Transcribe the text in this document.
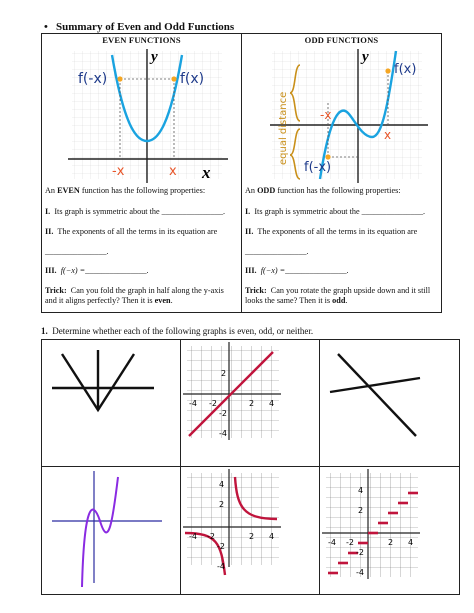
• Summary of Even and Odd Functions
EVEN FUNCTIONS
f(-x)	f(x)
-x	x x
y

An EVEN function has the following properties:

I. Its graph is symmetric about the _______________.

II. The exponents of all the terms in its equation are

_______________.

III. f(−x) =_______________.

Trick: Can you fold the graph in half along the y-axis and it aligns perfectly? Then it is even.

ODD FUNCTIONS
equal distance
f(-x)
f(x)
-x
x
y

An ODD function has the following properties:

I. Its graph is symmetric about the _______________.

II. The exponents of all the terms in its equation are

_______________.

III. f(−x) =_______________.

Trick: Can you rotate the graph upside down and it still looks the same? Then it is odd.

1. Determine whether each of the following graphs is even, odd, or neither.
-4 -2	2 4
2
-2
-4
4
2
-4 -2	2 4
-2
-4
4
2
-4 -2	2 4
-2
-4
